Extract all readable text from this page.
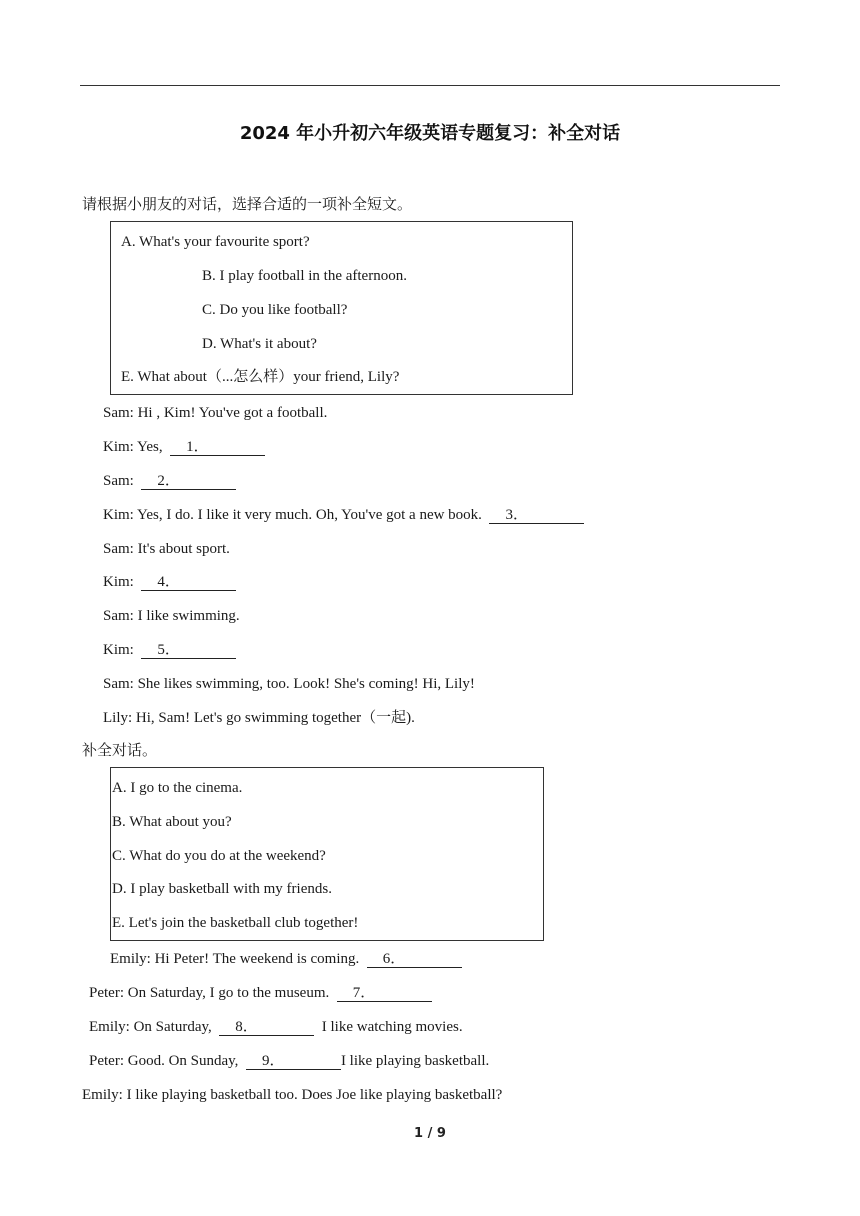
2024 年小升初六年级英语专题复习：补全对话
请根据小朋友的对话，选择合适的一项补全短文。
A. What's your favourite sport?
B. I play football in the afternoon.
C. Do you like football?
D. What's it about?
E. What about（...怎么样）your friend, Lily?
Sam: Hi , Kim! You've got a football.
Kim: Yes,  1．
Sam:  2．
Kim: Yes, I do. I like it very much. Oh, You've got a new book.  3．
Sam: It's about sport.
Kim:  4．
Sam: I like swimming.
Kim:  5．
Sam: She likes swimming, too. Look! She's coming! Hi, Lily!
Lily: Hi, Sam! Let's go swimming together（一起).
补全对话。
A. I go to the cinema.
B. What about you?
C. What do you do at the weekend?
D. I play basketball with my friends.
E. Let's join the basketball club together!
Emily: Hi Peter! The weekend is coming.  6．
Peter: On Saturday, I go to the museum.  7．
Emily: On Saturday,  8．	I like watching movies.
Peter: Good. On Sunday,  9．	I like playing basketball.
Emily: I like playing basketball too. Does Joe like playing basketball?
1 / 9
